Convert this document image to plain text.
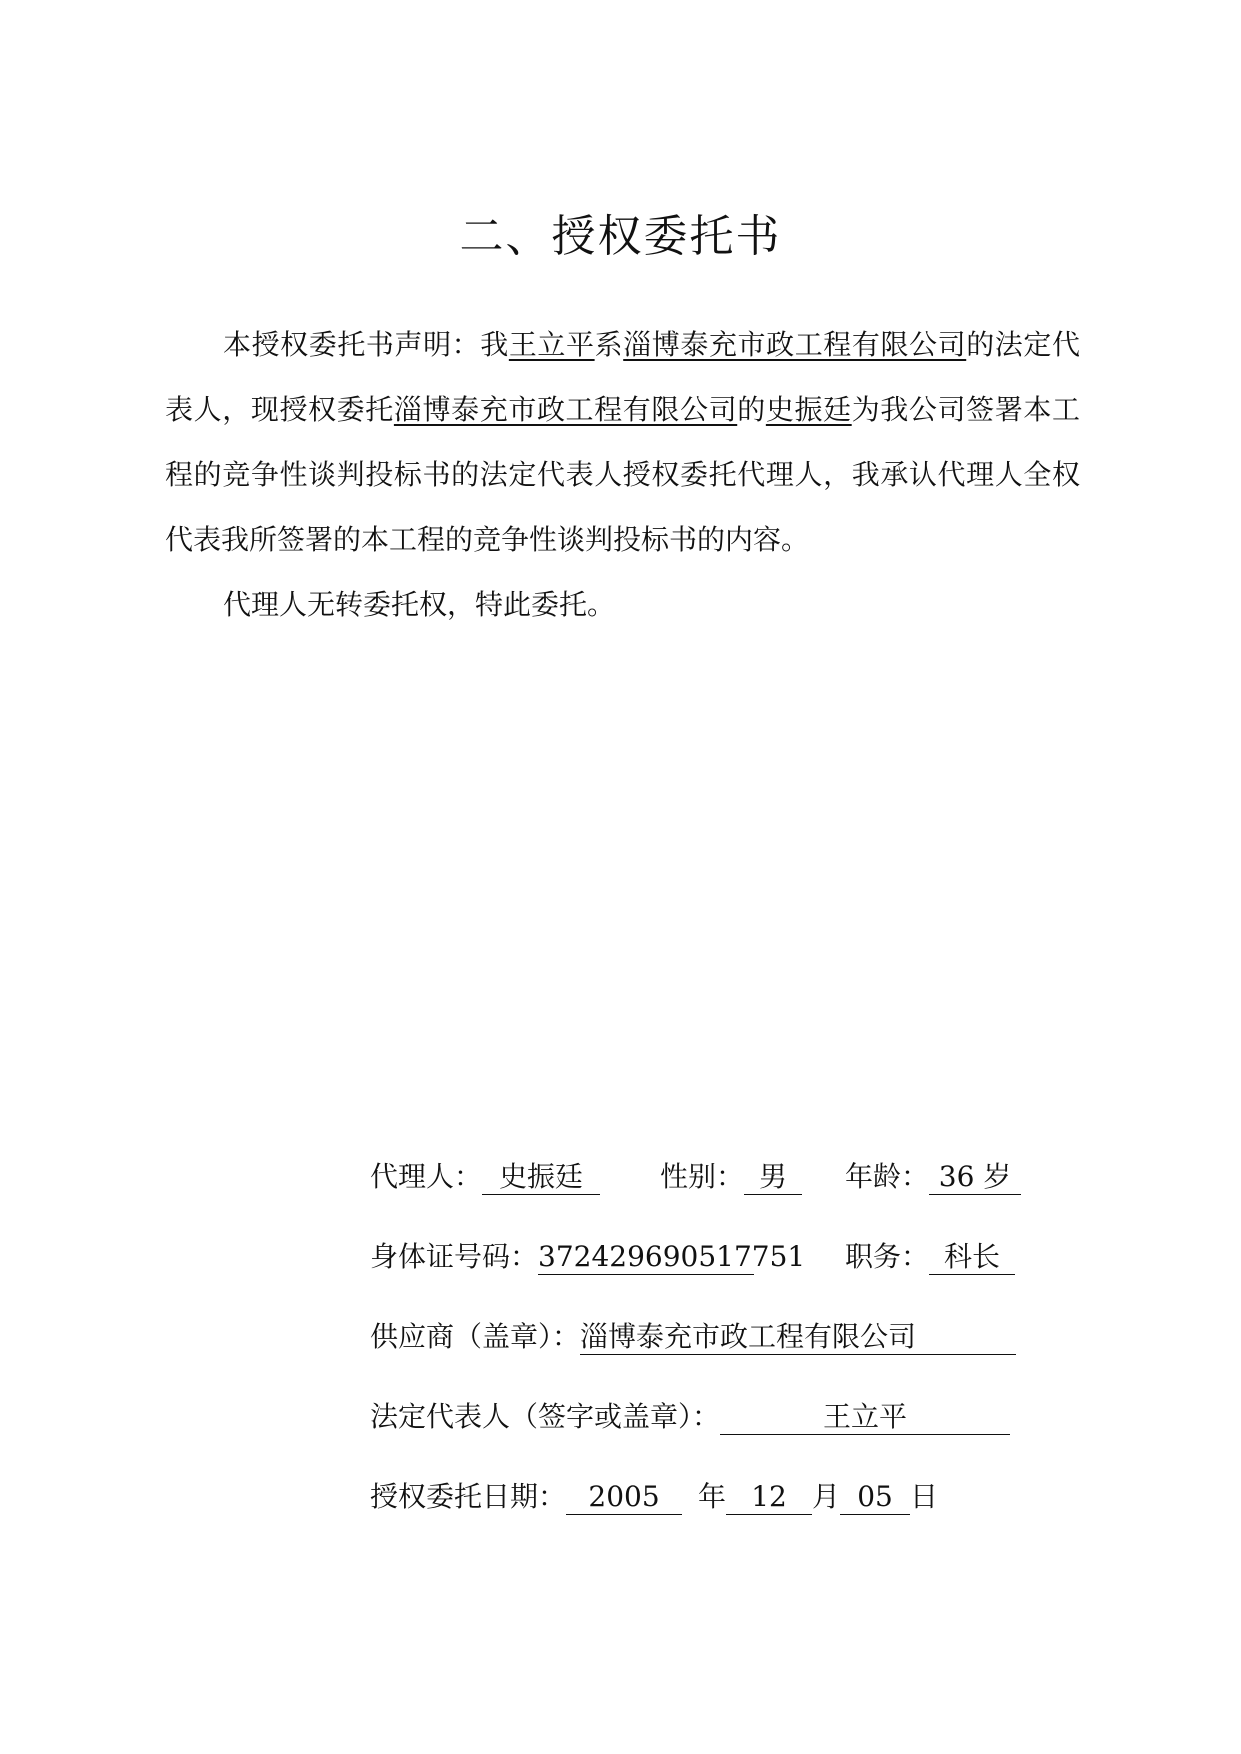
二、授权委托书

本授权委托书声明：我王立平系淄博泰充市政工程有限公司的法定代表人，现授权委托淄博泰充市政工程有限公司的史振廷为我公司签署本工程的竞争性谈判投标书的法定代表人授权委托代理人，我承认代理人全权代表我所签署的本工程的竞争性谈判投标书的内容。

代理人无转委托权，特此委托。

代理人： 史振廷	性别： 男	年龄： 36 岁
身体证号码：372429690517751 职务： 科长
供应商（盖章）：淄博泰充市政工程有限公司
法定代表人（签字或盖章）：	王立平
授权委托日期： 2005 年 12 月 05 日
